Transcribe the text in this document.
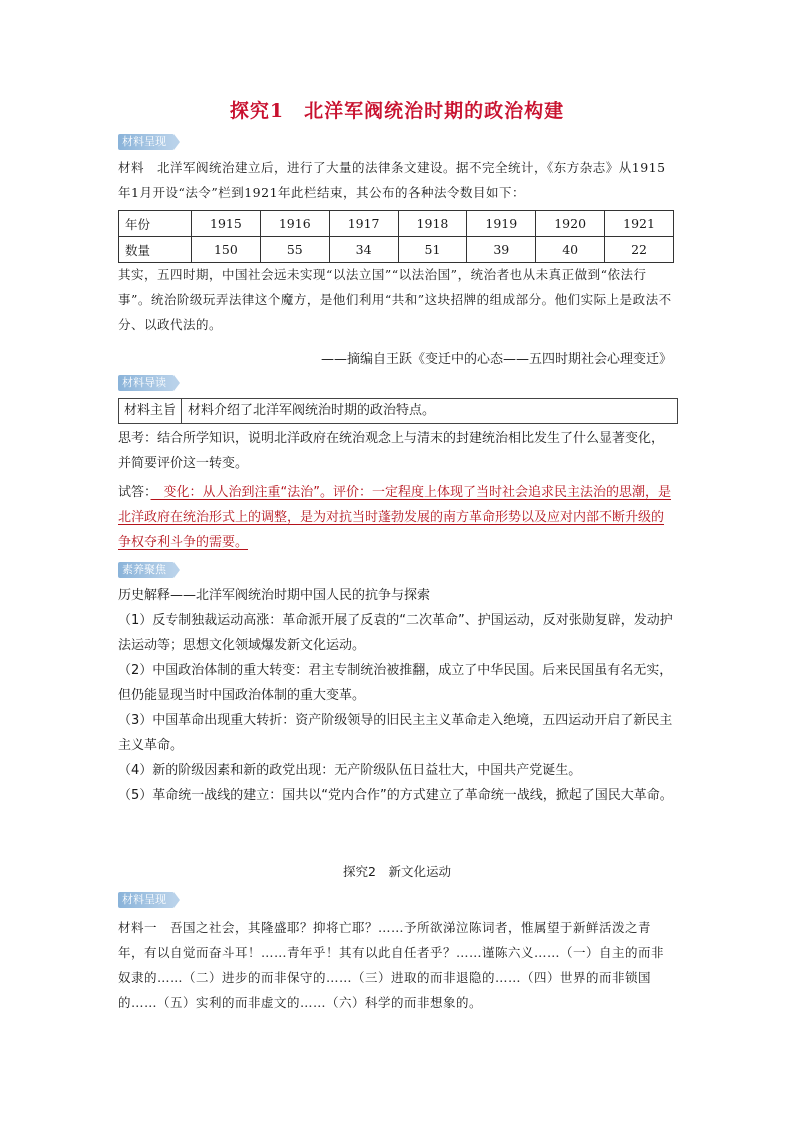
探究1　北洋军阀统治时期的政治构建
材料呈现
材料　北洋军阀统治建立后，进行了大量的法律条文建设。据不完全统计，《东方杂志》从1915年1月开设“法令”栏到1921年此栏结束，其公布的各种法令数目如下：
年份	1915	1916	1917	1918	1919	1920	1921
数量	150	55	34	51	39	40	22
其实，五四时期，中国社会远未实现“以法立国”“以法治国”，统治者也从未真正做到“依法行事”。统治阶级玩弄法律这个魔方，是他们利用“共和”这块招牌的组成部分。他们实际上是政法不分、以政代法的。
——摘编自王跃《变迁中的心态——五四时期社会心理变迁》
材料导读
材料主旨 材料介绍了北洋军阀统治时期的政治特点。
思考：结合所学知识，说明北洋政府在统治观念上与清末的封建统治相比发生了什么显著变化，并简要评价这一转变。
试答：　变化：从人治到注重“法治”。评价：一定程度上体现了当时社会追求民主法治的思潮，是北洋政府在统治形式上的调整，是为对抗当时蓬勃发展的南方革命形势以及应对内部不断升级的争权夺利斗争的需要。
素养聚焦
历史解释——北洋军阀统治时期中国人民的抗争与探索
（1）反专制独裁运动高涨：革命派开展了反袁的“二次革命”、护国运动，反对张勋复辟，发动护法运动等；思想文化领域爆发新文化运动。
（2）中国政治体制的重大转变：君主专制统治被推翻，成立了中华民国。后来民国虽有名无实，但仍能显现当时中国政治体制的重大变革。
（3）中国革命出现重大转折：资产阶级领导的旧民主主义革命走入绝境，五四运动开启了新民主主义革命。
（4）新的阶级因素和新的政党出现：无产阶级队伍日益壮大，中国共产党诞生。
（5）革命统一战线的建立：国共以“党内合作”的方式建立了革命统一战线，掀起了国民大革命。
探究2　新文化运动
材料呈现
材料一　吾国之社会，其隆盛耶？抑将亡耶？……予所欲涕泣陈词者，惟属望于新鲜活泼之青年，有以自觉而奋斗耳！……青年乎！其有以此自任者乎？……谨陈六义……（一）自主的而非奴隶的……（二）进步的而非保守的……（三）进取的而非退隐的……（四）世界的而非锁国的……（五）实利的而非虚文的……（六）科学的而非想象的。
